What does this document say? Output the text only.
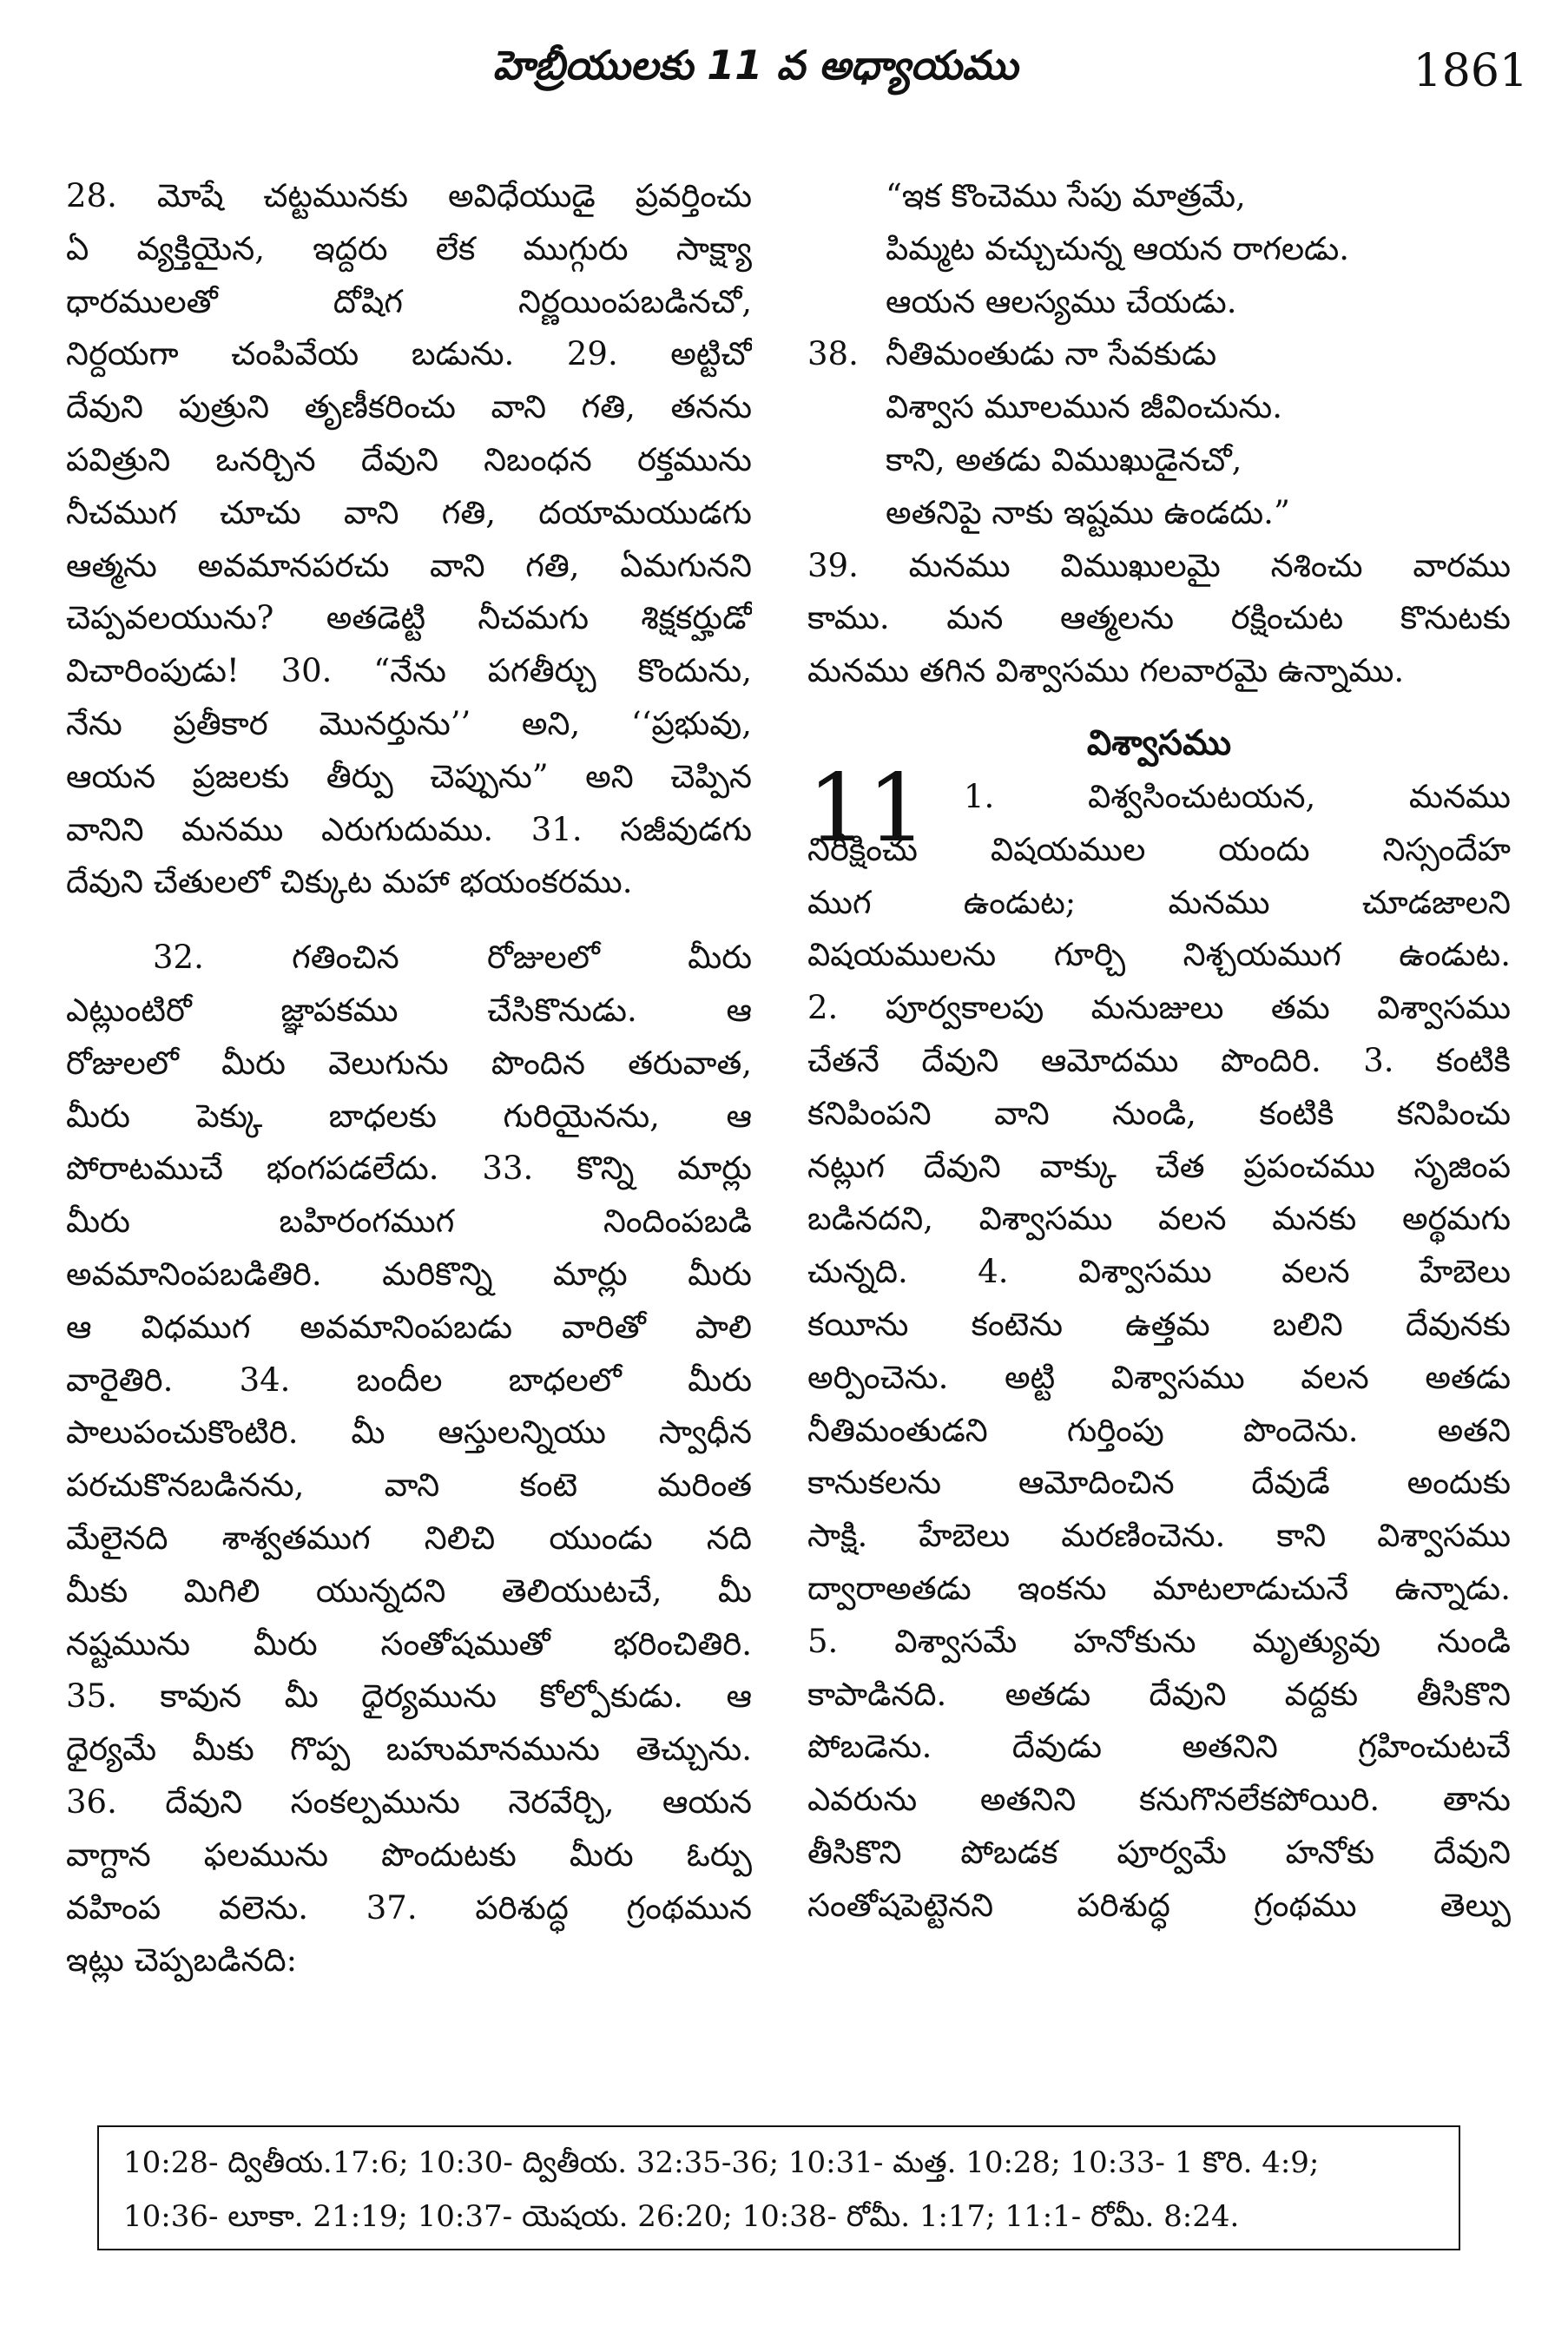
హెబ్రీయులకు 11 వ అధ్యాయము	1861
28. మోషే చట్టమునకు అవిధేయుడై ప్రవర్తించు
ఏ వ్యక్తియైన, ఇద్దరు లేక ముగ్గురు సాక్ష్యా
ధారములతో దోషిగ నిర్ణయింపబడినచో,
నిర్దయగా చంపివేయ బడును. 29. అట్టిచో
దేవుని పుత్రుని తృణీకరించు వాని గతి, తనను
పవిత్రుని ఒనర్చిన దేవుని నిబంధన రక్తమును
నీచముగ చూచు వాని గతి, దయామయుడగు
ఆత్మను అవమానపరచు వాని గతి, ఏమగునని
చెప్పవలయును? అతడెట్టి నీచమగు శిక్షకర్హుడో
విచారింపుడు! 30. “నేను పగతీర్చు కొందును,
నేను ప్రతీకార మొనర్తును’’ అని, ‘‘ప్రభువు,
ఆయన ప్రజలకు తీర్పు చెప్పును” అని చెప్పిన
వానిని మనము ఎరుగుదుము. 31. సజీవుడగు
దేవుని చేతులలో చిక్కుట మహా భయంకరము.
32. గతించిన రోజులలో మీరు
ఎట్లుంటిరో జ్ఞాపకము చేసికొనుడు. ఆ
రోజులలో మీరు వెలుగును పొందిన తరువాత,
మీరు పెక్కు బాధలకు గురియైనను, ఆ
పోరాటముచే భంగపడలేదు. 33. కొన్ని మార్లు
మీరు బహిరంగముగ నిందింపబడి
అవమానింపబడితిరి. మరికొన్ని మార్లు మీరు
ఆ విధముగ అవమానింపబడు వారితో పాలి
వారైతిరి. 34. బందీల బాధలలో మీరు
పాలుపంచుకొంటిరి. మీ ఆస్తులన్నియు స్వాధీన
పరచుకొనబడినను, వాని కంటె మరింత
మేలైనది శాశ్వతముగ నిలిచి యుండు నది
మీకు మిగిలి యున్నదని తెలియుటచే, మీ
నష్టమును మీరు సంతోషముతో భరించితిరి.
35. కావున మీ ధైర్యమును కోల్పోకుడు. ఆ
ధైర్యమే మీకు గొప్ప బహుమానమును తెచ్చును.
36. దేవుని సంకల్పమును నెరవేర్చి, ఆయన
వాగ్దాన ఫలమును పొందుటకు మీరు ఓర్పు
వహింప వలెను. 37. పరిశుద్ధ గ్రంథమున
ఇట్లు చెప్పబడినది:
“ఇక కొంచెము సేపు మాత్రమే,
పిమ్మట వచ్చుచున్న ఆయన రాగలడు.
ఆయన ఆలస్యము చేయడు.
38. నీతిమంతుడు నా సేవకుడు
విశ్వాస మూలమున జీవించును.
కాని, అతడు విముఖుడైనచో,
అతనిపై నాకు ఇష్టము ఉండదు.”
39. మనము విముఖులమై నశించు వారము
కాము. మన ఆత్మలను రక్షించుట కొనుటకు
మనము తగిన విశ్వాసము గలవారమై ఉన్నాము.
విశ్వాసము
11	1. విశ్వసించుటయన, మనము
నిరీక్షించు విషయముల యందు నిస్సందేహ
ముగ ఉండుట; మనము చూడజాలని
విషయములను గూర్చి నిశ్చయముగ ఉండుట.
2. పూర్వకాలపు మనుజులు తమ విశ్వాసము
చేతనే దేవుని ఆమోదము పొందిరి. 3. కంటికి
కనిపింపని వాని నుండి, కంటికి కనిపించు
నట్లుగ దేవుని వాక్కు చేత ప్రపంచము సృజింప
బడినదని, విశ్వాసము వలన మనకు అర్థమగు
చున్నది. 4. విశ్వాసము వలన హేబెలు
కయీను కంటెను ఉత్తమ బలిని దేవునకు
అర్పించెను. అట్టి విశ్వాసము వలన అతడు
నీతిమంతుడని గుర్తింపు పొందెను. అతని
కానుకలను ఆమోదించిన దేవుడే అందుకు
సాక్షి. హేబెలు మరణించెను. కాని విశ్వాసము
ద్వారాఅతడు ఇంకను మాటలాడుచునే ఉన్నాడు.
5. విశ్వాసమే హనోకును మృత్యువు నుండి
కాపాడినది. అతడు దేవుని వద్దకు తీసికొని
పోబడెను. దేవుడు అతనిని గ్రహించుటచే
ఎవరును అతనిని కనుగొనలేకపోయిరి. తాను
తీసికొని పోబడక పూర్వమే హనోకు దేవుని
సంతోషపెట్టెనని పరిశుద్ధ గ్రంథము తెల్పు
10:28- ద్వితీయ.17:6; 10:30- ద్వితీయ. 32:35-36; 10:31- మత్త. 10:28; 10:33- 1 కొరి. 4:9;
10:36- లూకా. 21:19; 10:37- యెషయ. 26:20; 10:38- రోమీ. 1:17; 11:1- రోమీ. 8:24.
